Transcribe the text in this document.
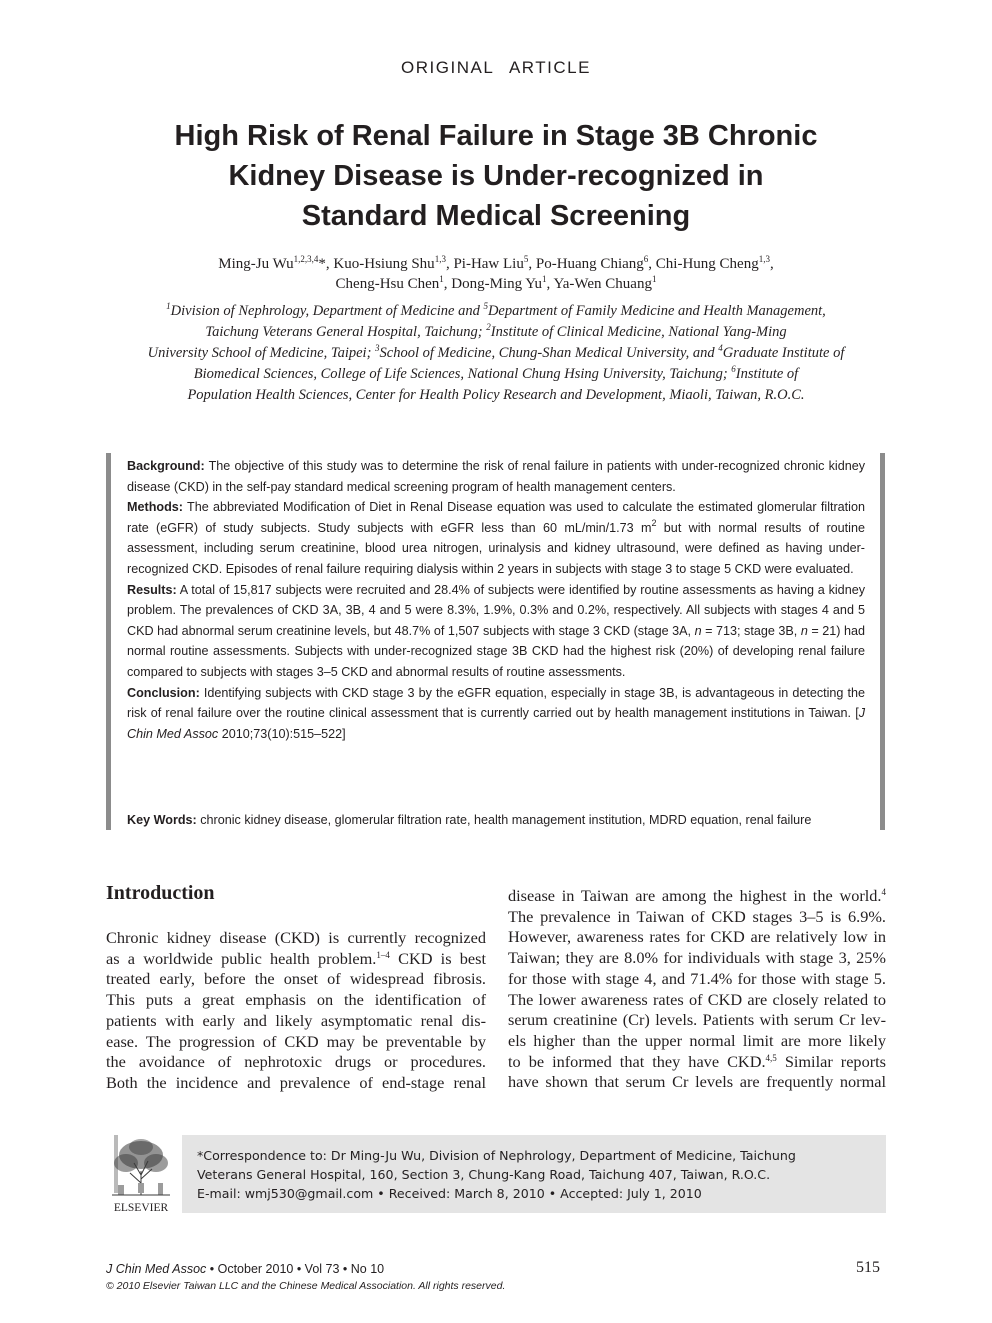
ORIGINAL ARTICLE
High Risk of Renal Failure in Stage 3B Chronic
Kidney Disease is Under-recognized in
Standard Medical Screening
Ming-Ju Wu$^{1,2,3,4}$*, Kuo-Hsiung Shu$^{1,3}$, Pi-Haw Liu$^5$, Po-Huang Chiang$^6$, Chi-Hung Cheng$^{1,3}$,
Cheng-Hsu Chen$^1$, Dong-Ming Yu$^1$, Ya-Wen Chuang$^1$
$^1$Division of Nephrology, Department of Medicine and $^5$Department of Family Medicine and Health Management,
Taichung Veterans General Hospital, Taichung; $^2$Institute of Clinical Medicine, National Yang-Ming
University School of Medicine, Taipei; $^3$School of Medicine, Chung-Shan Medical University, and $^4$Graduate Institute of
Biomedical Sciences, College of Life Sciences, National Chung Hsing University, Taichung; $^6$Institute of
Population Health Sciences, Center for Health Policy Research and Development, Miaoli, Taiwan, R.O.C.

Background: The objective of this study was to determine the risk of renal failure in patients with under-recognized chronic kidney disease (CKD) in the self-pay standard medical screening program of health management centers.

Methods: The abbreviated Modification of Diet in Renal Disease equation was used to calculate the estimated glomerular filtration rate (eGFR) of study subjects. Study subjects with eGFR less than 60 mL/min/1.73 $m^2$ but with normal results of routine assessment, including serum creatinine, blood urea nitrogen, urinalysis and kidney ultrasound, were defined as having under-recognized CKD. Episodes of renal failure requiring dialysis within 2 years in subjects with stage 3 to stage 5 CKD were evaluated.

Results: A total of 15,817 subjects were recruited and 28.4% of subjects were identified by routine assessments as having a kidney problem. The prevalences of CKD 3A, 3B, 4 and 5 were 8.3%, 1.9%, 0.3% and 0.2%, respectively. All subjects with stages 4 and 5 CKD had abnormal serum creatinine levels, but 48.7% of 1,507 subjects with stage 3 CKD (stage 3A, n = 713; stage 3B, n = 21) had normal routine assessments. Subjects with under-recognized stage 3B CKD had the highest risk (20%) of developing renal failure compared to subjects with stages 3–5 CKD and abnormal results of routine assessments.

Conclusion: Identifying subjects with CKD stage 3 by the eGFR equation, especially in stage 3B, is advantageous in detecting the risk of renal failure over the routine clinical assessment that is currently carried out by health management institutions in Taiwan. [J Chin Med Assoc 2010;73(10):515–522]

Key Words: chronic kidney disease, glomerular filtration rate, health management institution, MDRD equation, renal failure
Introduction
Chronic kidney disease (CKD) is currently recognized
as a worldwide public health problem.$^{1-4}$ CKD is best
treated early, before the onset of widespread fibrosis.
This puts a great emphasis on the identification of
patients with early and likely asymptomatic renal dis-
ease. The progression of CKD may be preventable by
the avoidance of nephrotoxic drugs or procedures.
Both the incidence and prevalence of end-stage renal
disease in Taiwan are among the highest in the world.$^4$
The prevalence in Taiwan of CKD stages 3–5 is 6.9%.
However, awareness rates for CKD are relatively low in
Taiwan; they are 8.0% for individuals with stage 3, 25%
for those with stage 4, and 71.4% for those with stage 5.
The lower awareness rates of CKD are closely related to
serum creatinine (Cr) levels. Patients with serum Cr lev-
els higher than the upper normal limit are more likely
to be informed that they have CKD.$^{4,5}$ Similar reports
have shown that serum Cr levels are frequently normal
ELSEVIER
*Correspondence to: Dr Ming-Ju Wu, Division of Nephrology, Department of Medicine, Taichung
Veterans General Hospital, 160, Section 3, Chung-Kang Road, Taichung 407, Taiwan, R.O.C.
E-mail: wmj530@gmail.com • Received: March 8, 2010 • Accepted: July 1, 2010
J Chin Med Assoc • October 2010 • Vol 73 • No 10
© 2010 Elsevier Taiwan LLC and the Chinese Medical Association. All rights reserved.
515
